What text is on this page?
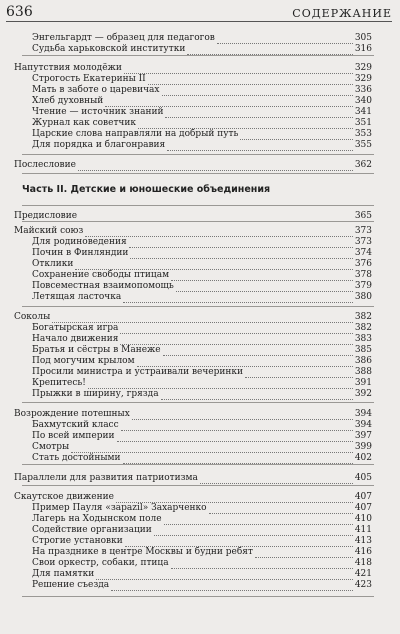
636	СОДЕРЖАНИЕ
Энгельгардт — образец для педагогов	305
Судьба харьковской институтки	316
Напутствия молодёжи	329
Строгость Екатерины II	329
Мать в заботе о царевичах	336
Хлеб духовный	340
Чтение — источник знаний	341
Журнал как советчик	351
Царские слова направляли на добрый путь	353
Для порядка и благонравия	355
Послесловие	362
Часть II. Детские и юношеские объединения
Предисловие	365
Майский союз	373
Для родиноведения	373
Почин в Финляндии	374
Отклики	376
Сохранение свободы птицам	378
Повсеместная взаимопомощь	379
Летящая ласточка	380
Соколы	382
Богатырская игра	382
Начало движения	383
Братья и сёстры в Манеже	385
Под могучим крылом	386
Просили министра и устраивали вечеринки	388
Крепитесь!	391
Прыжки в ширину, грязда	392
Возрождение потешных	394
Бахмутский класс	394
По всей империи	397
Смотры	399
Стать достойными	402
Параллели для развития патриотизма	405
Скаутское движение	407
Пример Пауля «зарazil» Захарченко	407
Лагерь на Ходынском поле	410
Содействие организации	411
Строгие установки	413
На празднике в центре Москвы и будни ребят	416
Свои оркестр, собаки, птица	418
Для памятки	421
Решение съезда	423
